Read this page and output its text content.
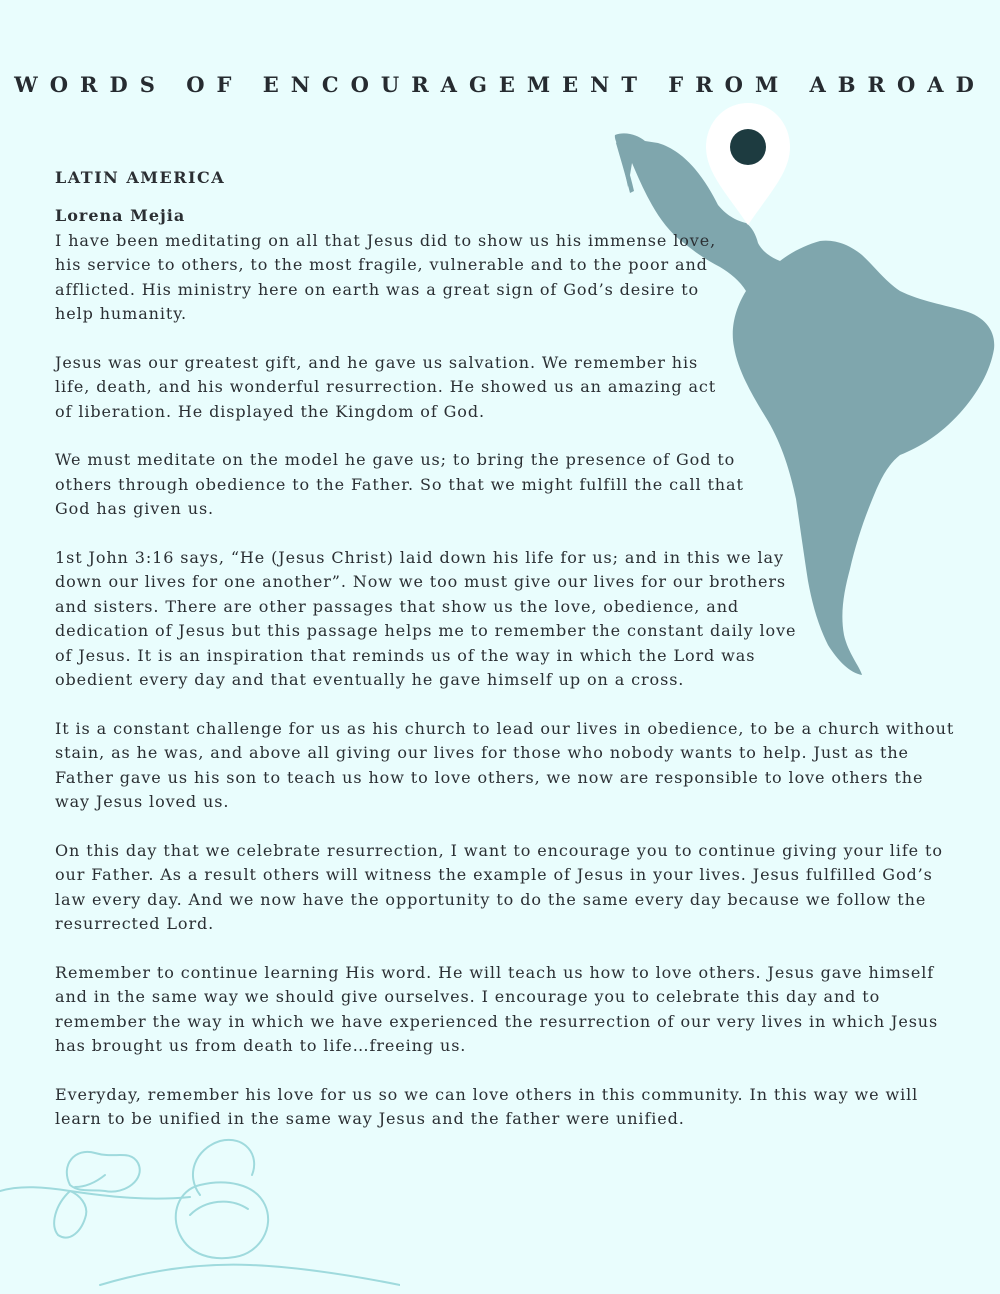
WORDS OF ENCOURAGEMENT FROM ABROAD
LATIN AMERICA
Lorena Mejia

I have been meditating on all that Jesus did to show us his immense love, his service to others, to the most fragile, vulnerable and to the poor and afflicted. His ministry here on earth was a great sign of God’s desire to help humanity.

Jesus was our greatest gift, and he gave us salvation. We remember his life, death, and his wonderful resurrection. He showed us an amazing act of liberation. He displayed the Kingdom of God.

We must meditate on the model he gave us; to bring the presence of God to others through obedience to the Father. So that we might fulfill the call that God has given us.

1st John 3:16 says, “He (Jesus Christ) laid down his life for us; and in this we lay down our lives for one another”. Now we too must give our lives for our brothers and sisters. There are other passages that show us the love, obedience, and dedication of Jesus but this passage helps me to remember the constant daily love of Jesus. It is an inspiration that reminds us of the way in which the Lord was obedient every day and that eventually he gave himself up on a cross.

It is a constant challenge for us as his church to lead our lives in obedience, to be a church without stain, as he was, and above all giving our lives for those who nobody wants to help. Just as the Father gave us his son to teach us how to love others, we now are responsible to love others the way Jesus loved us.

On this day that we celebrate resurrection, I want to encourage you to continue giving your life to our Father. As a result others will witness the example of Jesus in your lives. Jesus fulfilled God’s law every day. And we now have the opportunity to do the same every day because we follow the resurrected Lord.

Remember to continue learning His word. He will teach us how to love others. Jesus gave himself and in the same way we should give ourselves. I encourage you to celebrate this day and to remember the way in which we have experienced the resurrection of our very lives in which Jesus has brought us from death to life…freeing us.

Everyday, remember his love for us so we can love others in this community. In this way we will learn to be unified in the same way Jesus and the father were unified.
